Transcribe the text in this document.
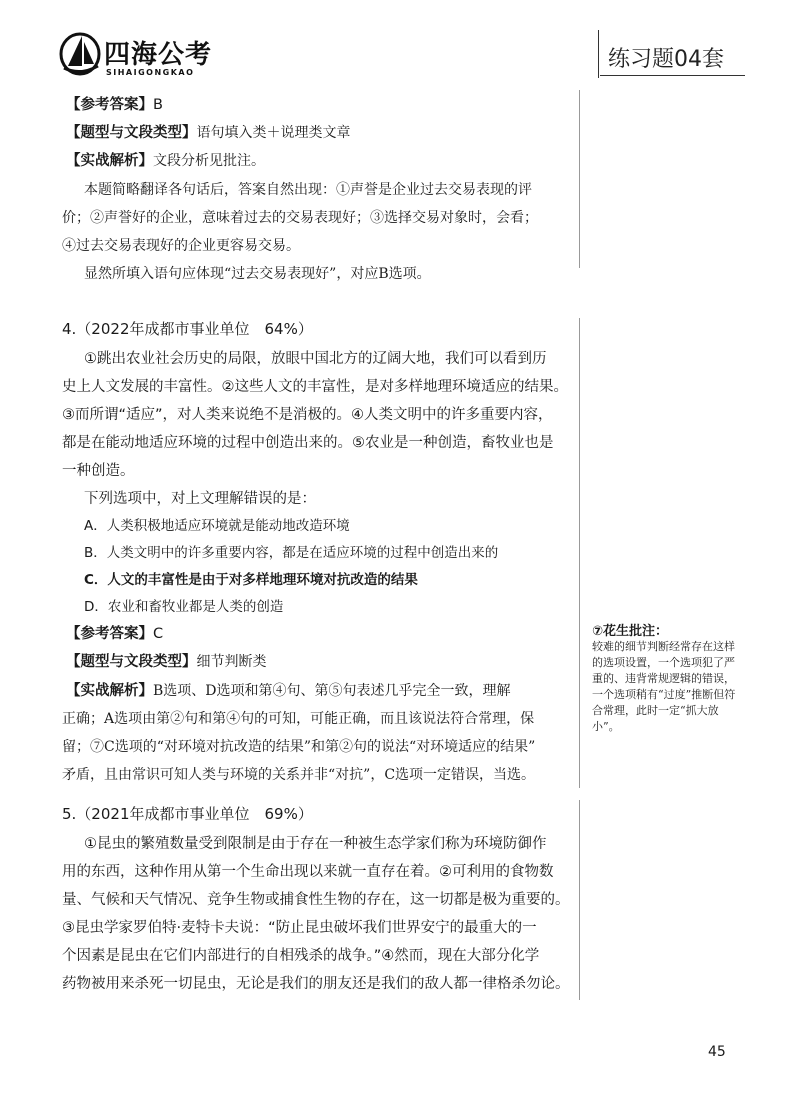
四海公考
SIHAIGONGKAO
练习题04套
【参考答案】B
【题型与文段类型】语句填入类＋说理类文章
【实战解析】文段分析见批注。
本题简略翻译各句话后，答案自然出现：①声誉是企业过去交易表现的评
价；②声誉好的企业，意味着过去的交易表现好；③选择交易对象时，会看；
④过去交易表现好的企业更容易交易。
显然所填入语句应体现“过去交易表现好”，对应B选项。
4.（2022年成都市事业单位　64%）
①跳出农业社会历史的局限，放眼中国北方的辽阔大地，我们可以看到历
史上人文发展的丰富性。②这些人文的丰富性，是对多样地理环境适应的结果。
③而所谓“适应”，对人类来说绝不是消极的。④人类文明中的许多重要内容，
都是在能动地适应环境的过程中创造出来的。⑤农业是一种创造，畜牧业也是
一种创造。
下列选项中，对上文理解错误的是：
A．人类积极地适应环境就是能动地改造环境
B．人类文明中的许多重要内容，都是在适应环境的过程中创造出来的
C．人文的丰富性是由于对多样地理环境对抗改造的结果
D．农业和畜牧业都是人类的创造
【参考答案】C
【题型与文段类型】细节判断类
【实战解析】B选项、D选项和第④句、第⑤句表述几乎完全一致，理解
正确；A选项由第②句和第④句的可知，可能正确，而且该说法符合常理，保
留；⑦C选项的“对环境对抗改造的结果”和第②句的说法“对环境适应的结果”
矛盾，且由常识可知人类与环境的关系并非“对抗”，C选项一定错误，当选。
⑦花生批注：
较难的细节判断经常存在这样的选项设置，一个选项犯了严重的、违背常规逻辑的错误，一个选项稍有“过度”推断但符合常理，此时一定“抓大放小”。
5.（2021年成都市事业单位　69%）
①昆虫的繁殖数量受到限制是由于存在一种被生态学家们称为环境防御作
用的东西，这种作用从第一个生命出现以来就一直存在着。②可利用的食物数
量、气候和天气情况、竞争生物或捕食性生物的存在，这一切都是极为重要的。
③昆虫学家罗伯特·麦特卡夫说：“防止昆虫破坏我们世界安宁的最重大的一
个因素是昆虫在它们内部进行的自相残杀的战争。”④然而，现在大部分化学
药物被用来杀死一切昆虫，无论是我们的朋友还是我们的敌人都一律格杀勿论。
45
